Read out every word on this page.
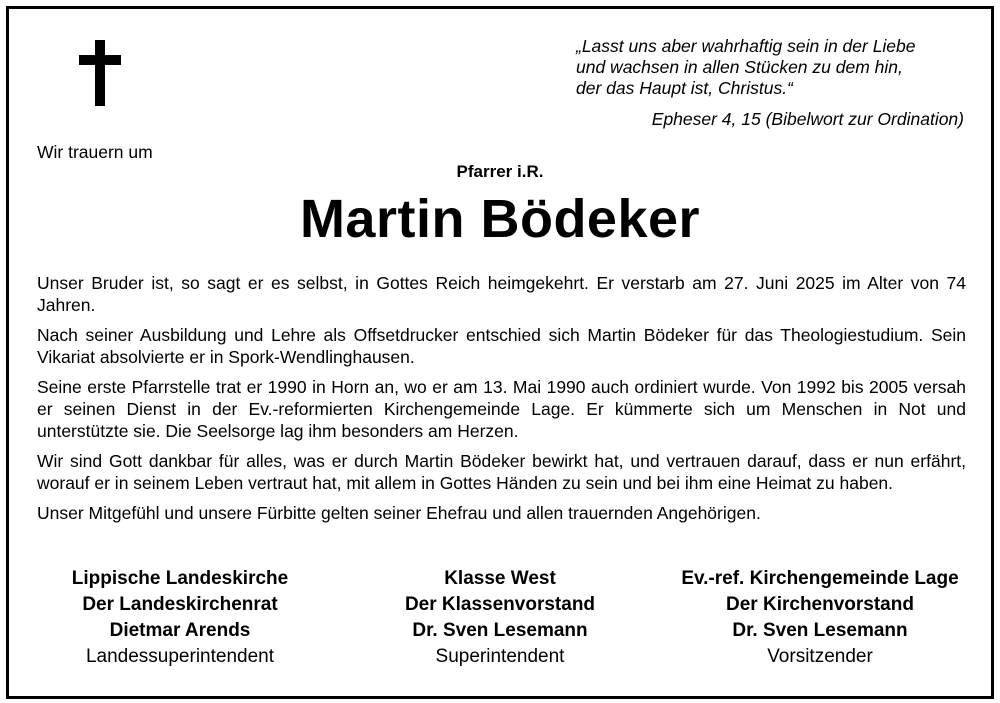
„Lasst uns aber wahrhaftig sein in der Liebe
und wachsen in allen Stücken zu dem hin,
der das Haupt ist, Christus.“
Epheser 4, 15 (Bibelwort zur Ordination)
Wir trauern um
Pfarrer i.R.
Martin Bödeker

Unser Bruder ist, so sagt er es selbst, in Gottes Reich heimgekehrt. Er verstarb am 27. Juni 2025 im Alter von 74 Jahren.

Nach seiner Ausbildung und Lehre als Offsetdrucker entschied sich Martin Bödeker für das Theologiestudium. Sein Vikariat absolvierte er in Spork-Wendlinghausen.

Seine erste Pfarrstelle trat er 1990 in Horn an, wo er am 13. Mai 1990 auch ordiniert wurde. Von 1992 bis 2005 versah er seinen Dienst in der Ev.-reformierten Kirchengemeinde Lage. Er kümmerte sich um Menschen in Not und unterstützte sie. Die Seelsorge lag ihm besonders am Herzen.

Wir sind Gott dankbar für alles, was er durch Martin Bödeker bewirkt hat, und vertrauen darauf, dass er nun erfährt, worauf er in seinem Leben vertraut hat, mit allem in Gottes Händen zu sein und bei ihm eine Heimat zu haben.

Unser Mitgefühl und unsere Fürbitte gelten seiner Ehefrau und allen trauernden Angehörigen.

Lippische Landeskirche
Der Landeskirchenrat
Dietmar Arends
Landessuperintendent
Klasse West
Der Klassenvorstand
Dr. Sven Lesemann
Superintendent
Ev.-ref. Kirchengemeinde Lage
Der Kirchenvorstand
Dr. Sven Lesemann
Vorsitzender
